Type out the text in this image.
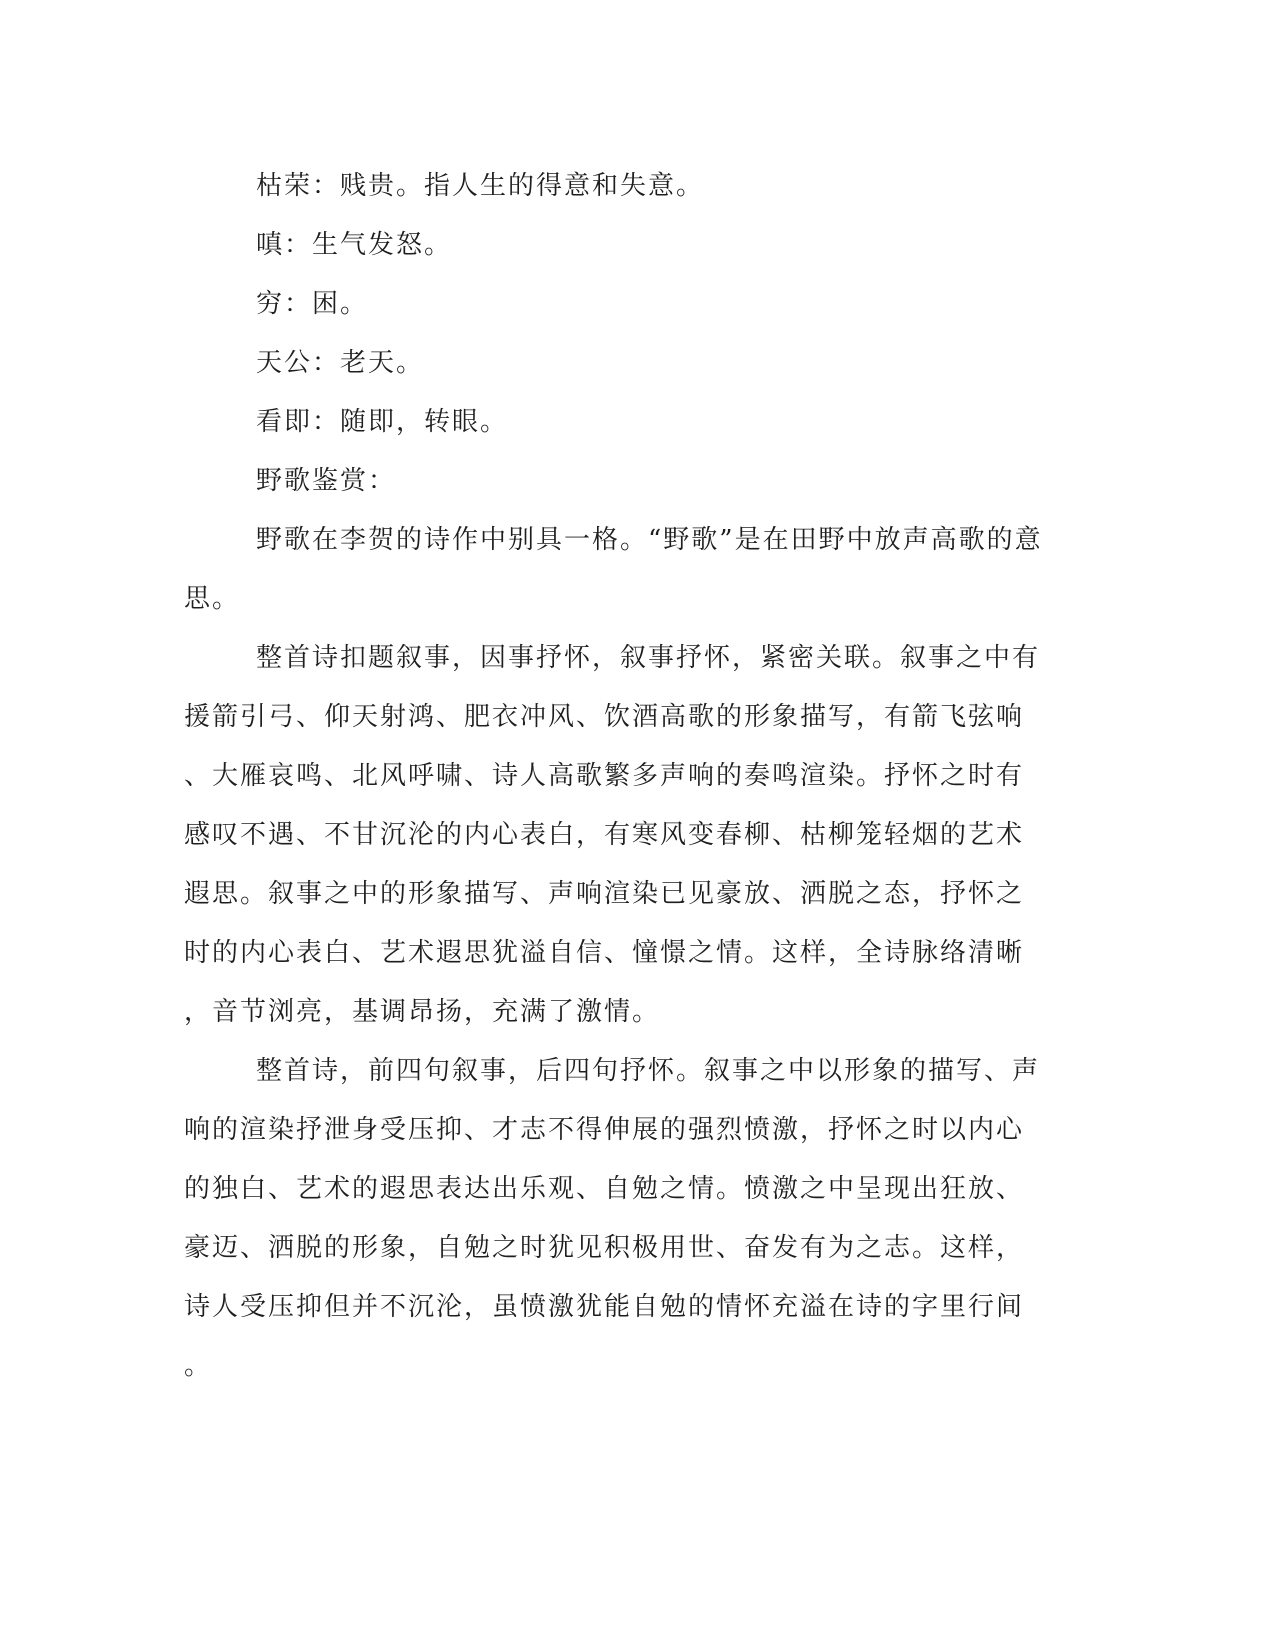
枯荣：贱贵。指人生的得意和失意。

嗔：生气发怒。

穷：困。

天公：老天。

看即：随即，转眼。

野歌鉴赏：

野歌在李贺的诗作中别具一格。“野歌”是在田野中放声高歌的意
思。

整首诗扣题叙事，因事抒怀，叙事抒怀，紧密关联。叙事之中有
援箭引弓、仰天射鸿、肥衣冲风、饮酒高歌的形象描写，有箭飞弦响
、大雁哀鸣、北风呼啸、诗人高歌繁多声响的奏鸣渲染。抒怀之时有
感叹不遇、不甘沉沦的内心表白，有寒风变春柳、枯柳笼轻烟的艺术
遐思。叙事之中的形象描写、声响渲染已见豪放、洒脱之态，抒怀之
时的内心表白、艺术遐思犹溢自信、憧憬之情。这样，全诗脉络清晰
，音节浏亮，基调昂扬，充满了激情。

整首诗，前四句叙事，后四句抒怀。叙事之中以形象的描写、声
响的渲染抒泄身受压抑、才志不得伸展的强烈愤激，抒怀之时以内心
的独白、艺术的遐思表达出乐观、自勉之情。愤激之中呈现出狂放、
豪迈、洒脱的形象，自勉之时犹见积极用世、奋发有为之志。这样，
诗人受压抑但并不沉沦，虽愤激犹能自勉的情怀充溢在诗的字里行间
。
